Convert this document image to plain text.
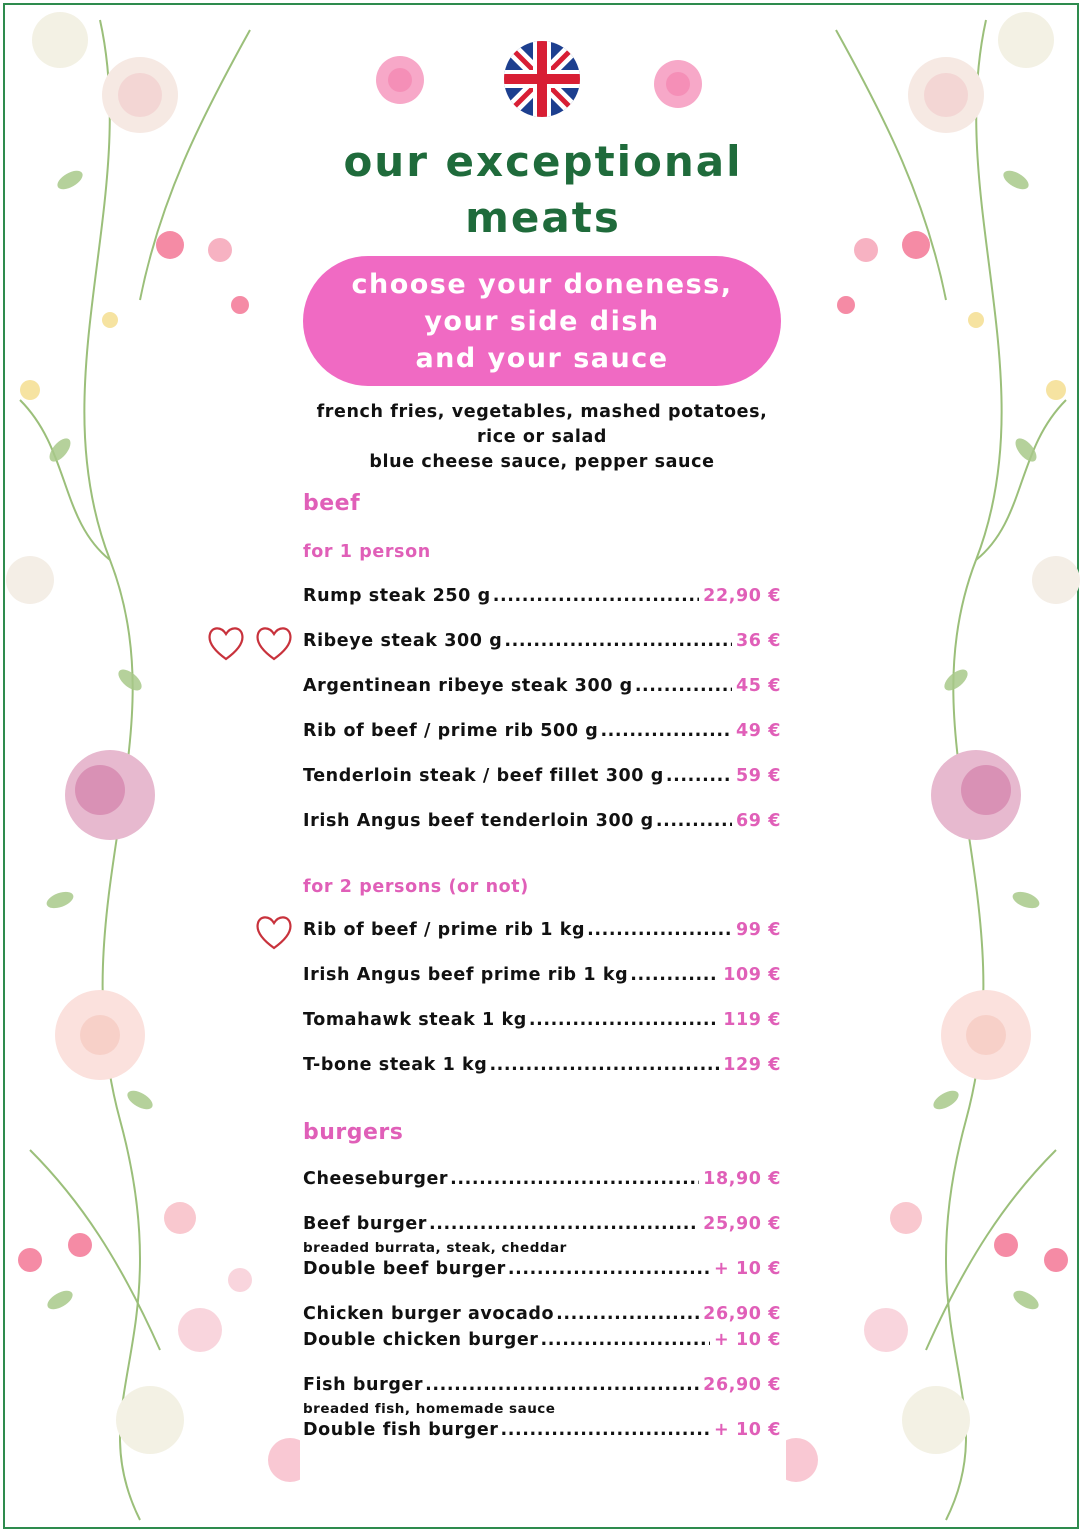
our exceptional
meats
choose your doneness,
your side dish
and your sauce
french fries, vegetables, mashed potatoes,
rice or salad
blue cheese sauce, pepper sauce
beef
for 1 person
Rump steak 250 g .....	22,90 €
Ribeye steak 300 g .....	36 €
Argentinean ribeye steak 300 g .....	45 €
Rib of beef / prime rib 500 g .....	49 €
Tenderloin steak / beef fillet 300 g .....	59 €
Irish Angus beef tenderloin 300 g .....	69 €
for 2 persons (or not)
Rib of beef / prime rib 1 kg .....	99 €
Irish Angus beef prime rib 1 kg .....	109 €
Tomahawk steak 1 kg .....	119 €
T-bone steak 1 kg .....	129 €
burgers
Cheeseburger .....	18,90 €
Beef burger .....	25,90 €
breaded burrata, steak, cheddar
Double beef burger .....	+ 10 €
Chicken burger avocado .....	26,90 €
Double chicken burger .....	+ 10 €
Fish burger .....	26,90 €
breaded fish, homemade sauce
Double fish burger .....	+ 10 €
